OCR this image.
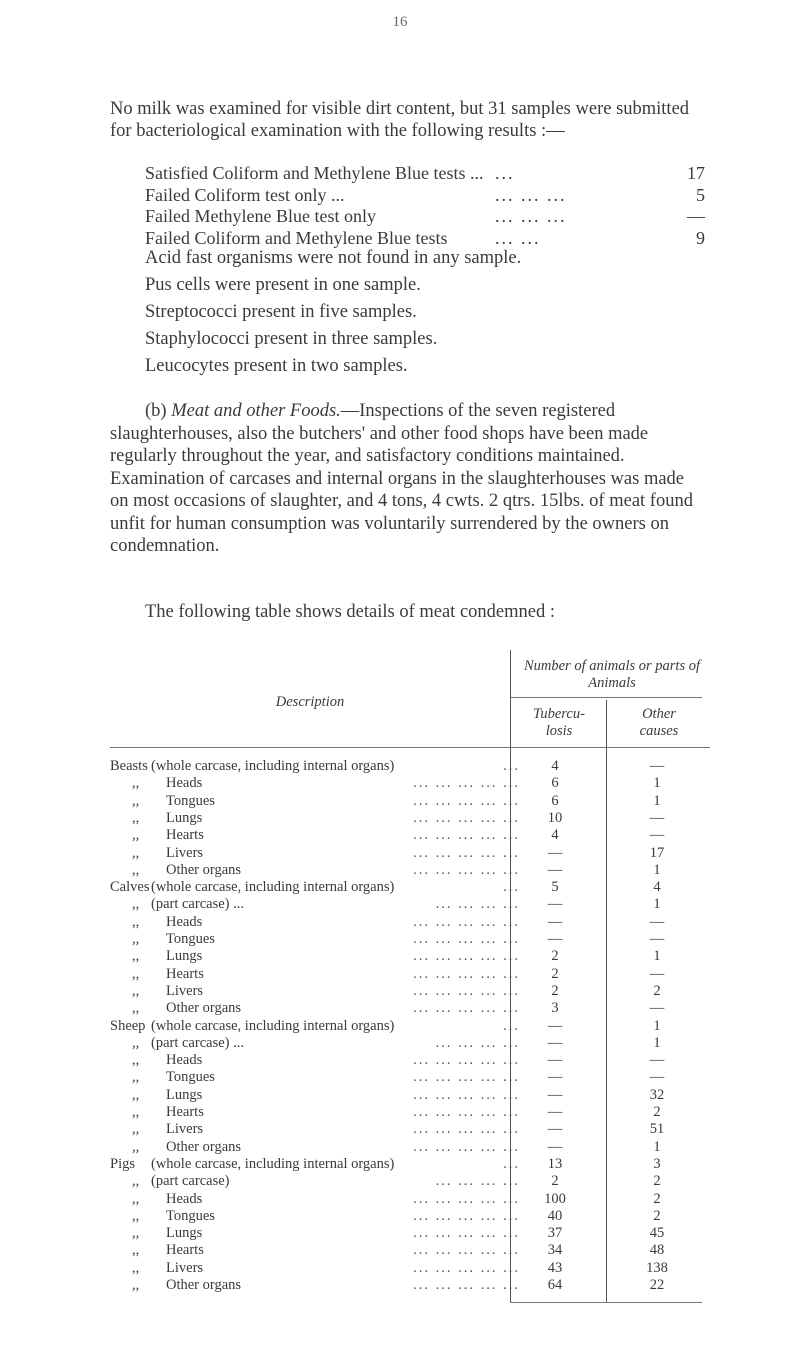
16
No milk was examined for visible dirt content, but 31 samples were submitted for bacteriological examination with the following results :—
Satisfied Coliform and Methylene Blue tests ... ...	17
Failed Coliform test only ...	... ... ...	5
Failed Methylene Blue test only	... ... ...	—
Failed Coliform and Methylene Blue tests	... ...	9
Acid fast organisms were not found in any sample.
Pus cells were present in one sample.
Streptococci present in five samples.
Staphylococci present in three samples.
Leucocytes present in two samples.
(b) Meat and other Foods.—Inspections of the seven registered slaughterhouses, also the butchers' and other food shops have been made regularly throughout the year, and satisfactory conditions maintained. Examination of carcases and internal organs in the slaughterhouses was made on most occasions of slaughter, and 4 tons, 4 cwts. 2 qtrs. 15lbs. of meat found unfit for human consumption was voluntarily surrendered by the owners on condemnation.
The following table shows details of meat condemned :
Description
Number of animals or parts of Animals
Tubercu- losis
Other causes
Beasts (whole carcase, including internal organs)	...	4	—
,,	Heads	... ... ... ... ...	6	1
,,	Tongues	... ... ... ... ...	6	1
,,	Lungs	... ... ... ... ...	10	—
,,	Hearts	... ... ... ... ...	4	—
,,	Livers	... ... ... ... ...	—	17
,,	Other organs	... ... ... ... ...	—	1
Calves (whole carcase, including internal organs)	...	5	4
,, (part carcase) ...	... ... ... ...	—	1
,,	Heads	... ... ... ... ...	—	—
,,	Tongues	... ... ... ... ...	—	—
,,	Lungs	... ... ... ... ...	2	1
,,	Hearts	... ... ... ... ...	2	—
,,	Livers	... ... ... ... ...	2	2
,,	Other organs	... ... ... ... ...	3	—
Sheep (whole carcase, including internal organs)	...	—	1
,, (part carcase) ...	... ... ... ...	—	1
,,	Heads	... ... ... ... ...	—	—
,,	Tongues	... ... ... ... ...	—	—
,,	Lungs	... ... ... ... ...	—	32
,,	Hearts	... ... ... ... ...	—	2
,,	Livers	... ... ... ... ...	—	51
,,	Other organs	... ... ... ... ...	—	1
Pigs	(whole carcase, including internal organs)	...	13	3
,, (part carcase)	... ... ... ...	2	2
,,	Heads	... ... ... ... ...	100	2
,,	Tongues	... ... ... ... ...	40	2
,,	Lungs	... ... ... ... ...	37	45
,,	Hearts	... ... ... ... ...	34	48
,,	Livers	... ... ... ... ...	43	138
,,	Other organs	... ... ... ... ...	64	22
